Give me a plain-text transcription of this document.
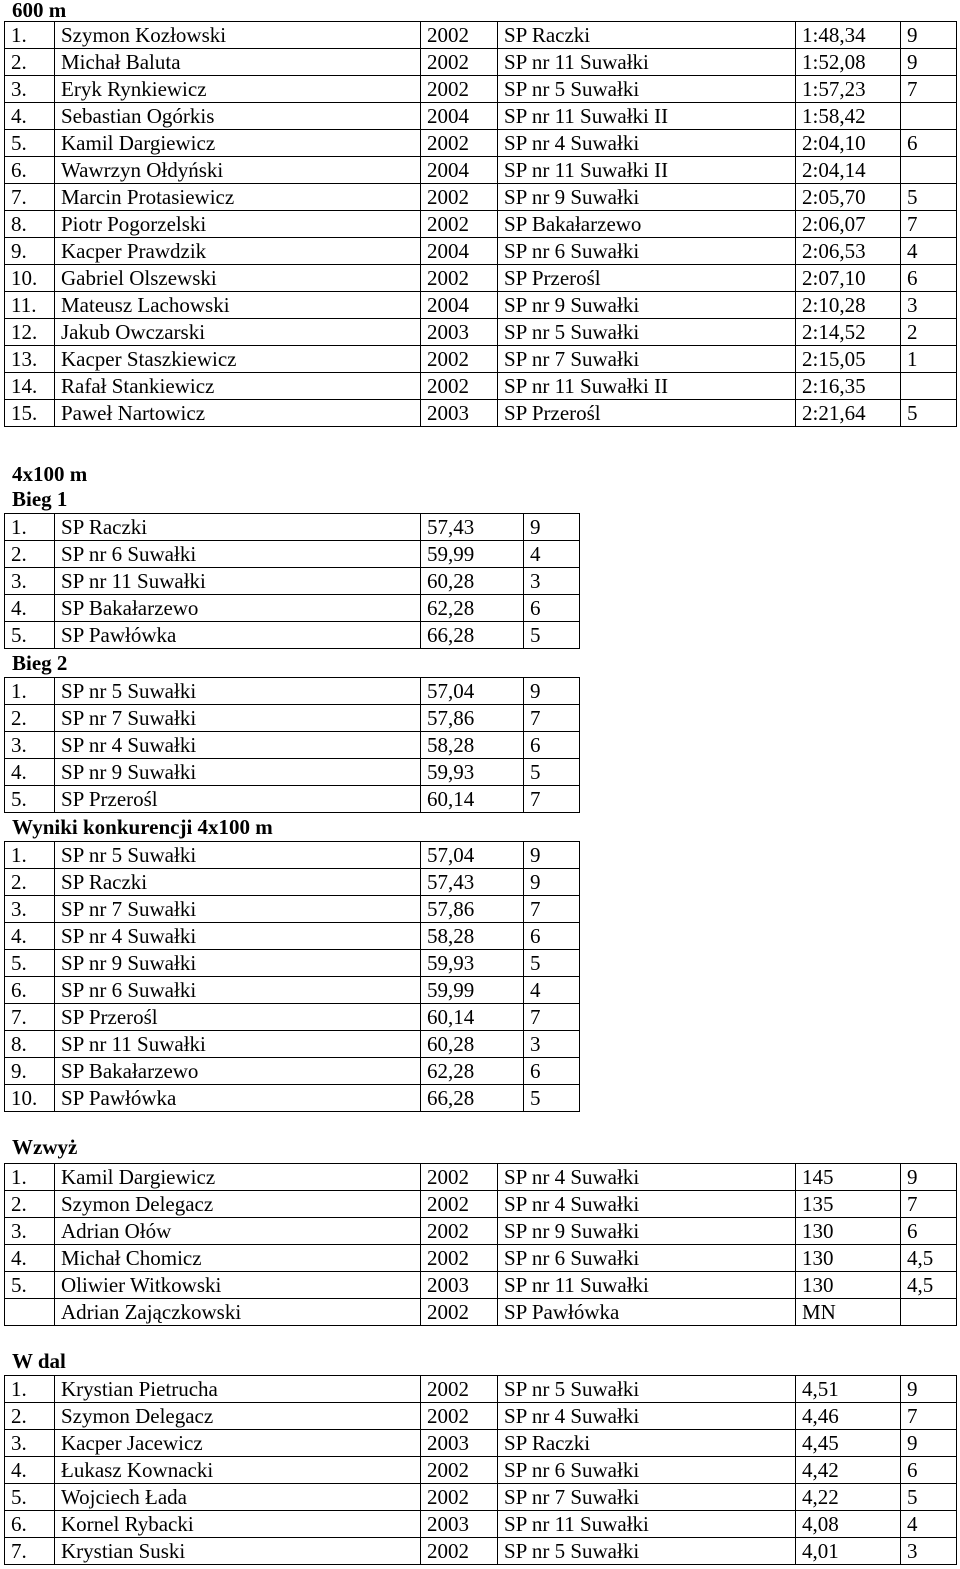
600 m
1.	Szymon Kozłowski	2002	SP Raczki	1:48,34	9
2.	Michał Baluta	2002	SP nr 11 Suwałki	1:52,08	9
3.	Eryk Rynkiewicz	2002	SP nr 5 Suwałki	1:57,23	7
4.	Sebastian Ogórkis	2004	SP nr 11 Suwałki II	1:58,42	
5.	Kamil Dargiewicz	2002	SP nr 4 Suwałki	2:04,10	6
6.	Wawrzyn Ołdyński	2004	SP nr 11 Suwałki II	2:04,14	
7.	Marcin Protasiewicz	2002	SP nr 9 Suwałki	2:05,70	5
8.	Piotr Pogorzelski	2002	SP Bakałarzewo	2:06,07	7
9.	Kacper Prawdzik	2004	SP nr 6 Suwałki	2:06,53	4
10.	Gabriel Olszewski	2002	SP Przerośl	2:07,10	6
11.	Mateusz Lachowski	2004	SP nr 9 Suwałki	2:10,28	3
12.	Jakub Owczarski	2003	SP nr 5 Suwałki	2:14,52	2
13.	Kacper Staszkiewicz	2002	SP nr 7 Suwałki	2:15,05	1
14.	Rafał Stankiewicz	2002	SP nr 11 Suwałki II	2:16,35	
15.	Paweł Nartowicz	2003	SP Przerośl	2:21,64	5
4x100 m
Bieg 1
1.	SP Raczki	57,43	9
2.	SP nr 6 Suwałki	59,99	4
3.	SP nr 11 Suwałki	60,28	3
4.	SP Bakałarzewo	62,28	6
5.	SP Pawłówka	66,28	5
Bieg 2
1.	SP nr 5 Suwałki	57,04	9
2.	SP nr 7 Suwałki	57,86	7
3.	SP nr 4 Suwałki	58,28	6
4.	SP nr 9 Suwałki	59,93	5
5.	SP Przerośl	60,14	7
Wyniki konkurencji 4x100 m
1.	SP nr 5 Suwałki	57,04	9
2.	SP Raczki	57,43	9
3.	SP nr 7 Suwałki	57,86	7
4.	SP nr 4 Suwałki	58,28	6
5.	SP nr 9 Suwałki	59,93	5
6.	SP nr 6 Suwałki	59,99	4
7.	SP Przerośl	60,14	7
8.	SP nr 11 Suwałki	60,28	3
9.	SP Bakałarzewo	62,28	6
10.	SP Pawłówka	66,28	5
Wzwyż
1.	Kamil Dargiewicz	2002	SP nr 4 Suwałki	145	9
2.	Szymon Delegacz	2002	SP nr 4 Suwałki	135	7
3.	Adrian Ołów	2002	SP nr 9 Suwałki	130	6
4.	Michał Chomicz	2002	SP nr 6 Suwałki	130	4,5
5.	Oliwier Witkowski	2003	SP nr 11 Suwałki	130	4,5
	Adrian Zajączkowski	2002	SP Pawłówka	MN	
W dal
1.	Krystian Pietrucha	2002	SP nr 5 Suwałki	4,51	9
2.	Szymon Delegacz	2002	SP nr 4 Suwałki	4,46	7
3.	Kacper Jacewicz	2003	SP Raczki	4,45	9
4.	Łukasz Kownacki	2002	SP nr 6 Suwałki	4,42	6
5.	Wojciech Łada	2002	SP nr 7 Suwałki	4,22	5
6.	Kornel Rybacki	2003	SP nr 11 Suwałki	4,08	4
7.	Krystian Suski	2002	SP nr 5 Suwałki	4,01	3
